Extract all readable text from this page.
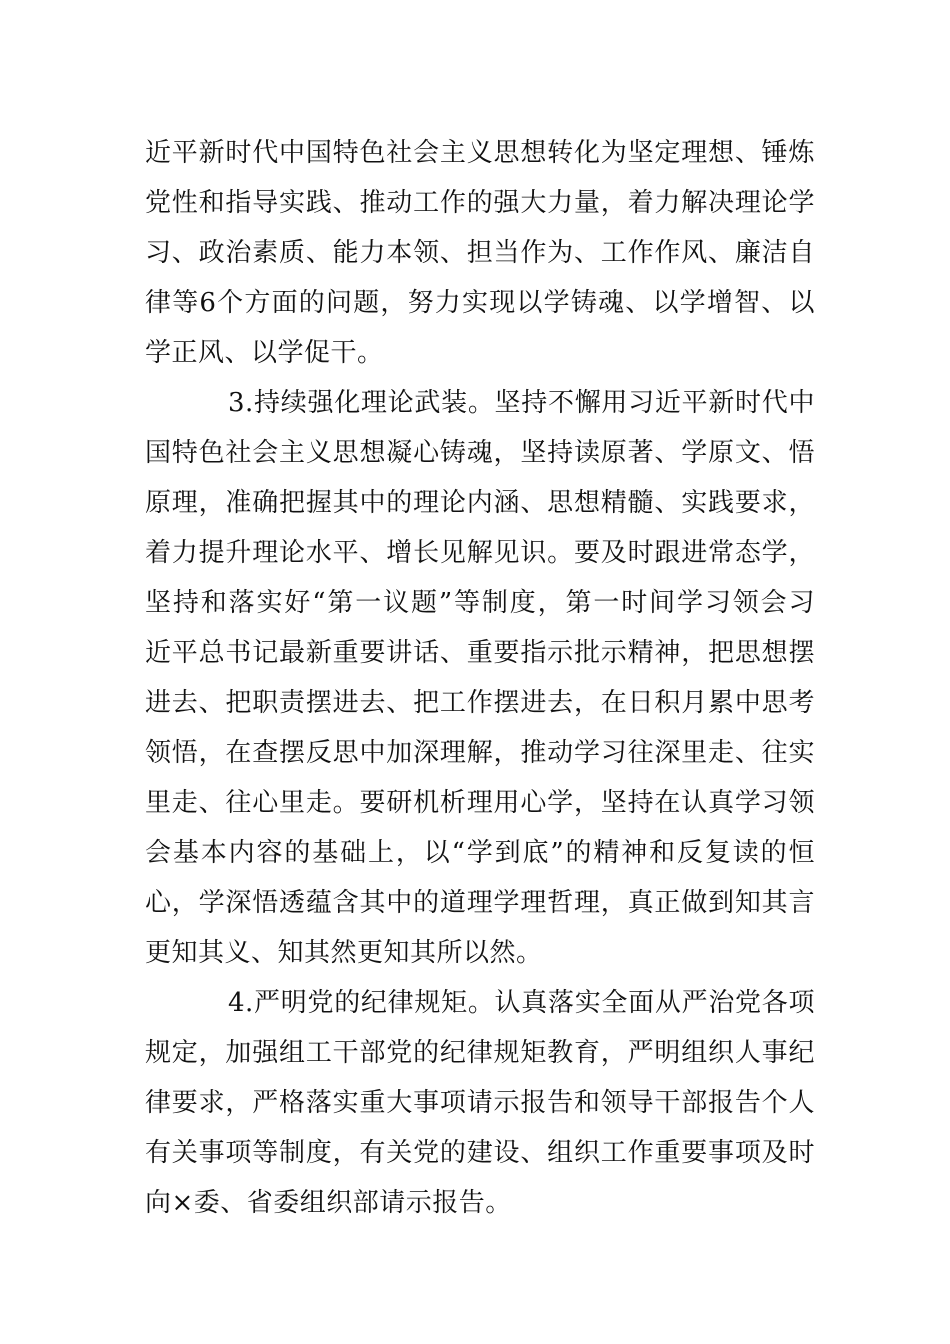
近平新时代中国特色社会主义思想转化为坚定理想、锤炼
党性和指导实践、推动工作的强大力量，着力解决理论学
习、政治素质、能力本领、担当作为、工作作风、廉洁自
律等6个方面的问题，努力实现以学铸魂、以学增智、以
学正风、以学促干。
3.持续强化理论武装。坚持不懈用习近平新时代中
国特色社会主义思想凝心铸魂，坚持读原著、学原文、悟
原理，准确把握其中的理论内涵、思想精髓、实践要求，
着力提升理论水平、增长见解见识。要及时跟进常态学，
坚持和落实好“第一议题”等制度，第一时间学习领会习
近平总书记最新重要讲话、重要指示批示精神，把思想摆
进去、把职责摆进去、把工作摆进去，在日积月累中思考
领悟，在查摆反思中加深理解，推动学习往深里走、往实
里走、往心里走。要研机析理用心学，坚持在认真学习领
会基本内容的基础上，以“学到底”的精神和反复读的恒
心，学深悟透蕴含其中的道理学理哲理，真正做到知其言
更知其义、知其然更知其所以然。
4.严明党的纪律规矩。认真落实全面从严治党各项
规定，加强组工干部党的纪律规矩教育，严明组织人事纪
律要求，严格落实重大事项请示报告和领导干部报告个人
有关事项等制度，有关党的建设、组织工作重要事项及时
向×委、省委组织部请示报告。
